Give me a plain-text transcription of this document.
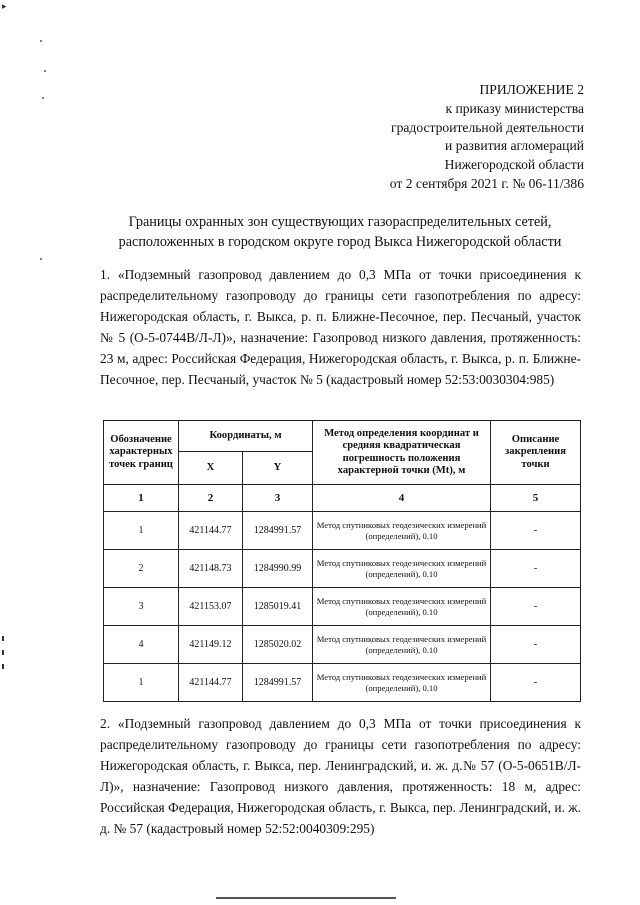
▸
ПРИЛОЖЕНИЕ 2
к приказу министерства
градостроительной деятельности
и развития агломераций
Нижегородской области
от 2 сентября 2021 г. № 06-11/386
Границы охранных зон существующих газораспределительных сетей,
расположенных в городском округе город Выкса Нижегородской области
1. «Подземный газопровод давлением до 0,3 МПа от точки присоединения к распределительному газопроводу до границы сети газопотребления по адресу: Нижегородская область, г. Выкса, р. п. Ближне-Песочное, пер. Песчаный, участок № 5 (О-5-0744В/Л-Л)», назначение: Газопровод низкого давления, протяженность: 23 м, адрес: Российская Федерация, Нижегородская область, г. Выкса, р. п. Ближне-Песочное, пер. Песчаный, участок № 5 (кадастровый номер 52:53:0030304:985)
Обозначение характерных точек границ	Координаты, м		Метод определения координат и средняя квадратическая погрешность положения характерной точки (Мt), м	Описание закрепления точки
	X	Y		
1	2	3	4	5
1	421144.77	1284991.57	Метод спутниковых геодезических измерений (определений), 0.10	-
2	421148.73	1284990.99	Метод спутниковых геодезических измерений (определений), 0.10	-
3	421153.07	1285019.41	Метод спутниковых геодезических измерений (определений), 0.10	-
4	421149.12	1285020.02	Метод спутниковых геодезических измерений (определений), 0.10	-
1	421144.77	1284991.57	Метод спутниковых геодезических измерений (определений), 0.10	-
2. «Подземный газопровод давлением до 0,3 МПа от точки присоединения к распределительному газопроводу до границы сети газопотребления по адресу: Нижегородская область, г. Выкса, пер. Ленинградский, и. ж. д.№ 57 (О-5-0651В/Л-Л)», назначение: Газопровод низкого давления, протяженность: 18 м, адрес: Российская Федерация, Нижегородская область, г. Выкса, пер. Ленинградский, и. ж. д. № 57 (кадастровый номер 52:52:0040309:295)
